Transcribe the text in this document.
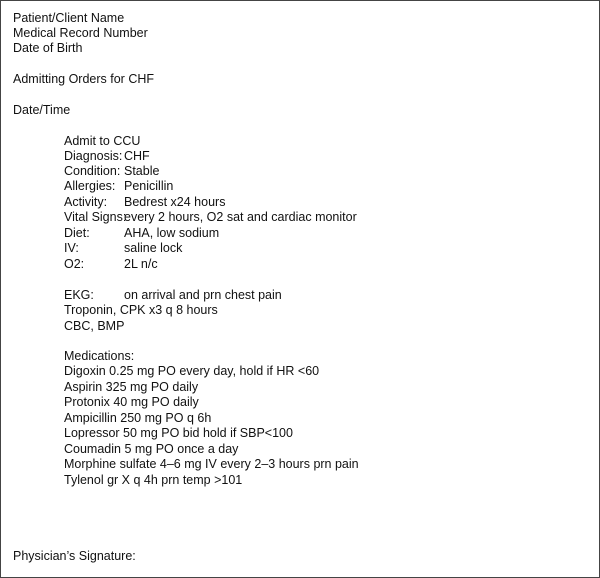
Patient/Client Name
Medical Record Number
Date of Birth
Admitting Orders for CHF
Date/Time
Admit to CCU
Diagnosis: CHF
Condition: Stable
Allergies: Penicillin
Activity: Bedrest x24 hours
Vital Signs:every 2 hours, O2 sat and cardiac monitor
Diet:	AHA, low sodium
IV:	saline lock
O2:	2L n/c
EKG: on arrival and prn chest pain
Troponin, CPK x3 q 8 hours
CBC, BMP
Medications:
Digoxin 0.25 mg PO every day, hold if HR <60
Aspirin 325 mg PO daily
Protonix 40 mg PO daily
Ampicillin 250 mg PO q 6h
Lopressor 50 mg PO bid hold if SBP<100
Coumadin 5 mg PO once a day
Morphine sulfate 4–6 mg IV every 2–3 hours prn pain
Tylenol gr X q 4h prn temp >101
Physician’s Signature:
